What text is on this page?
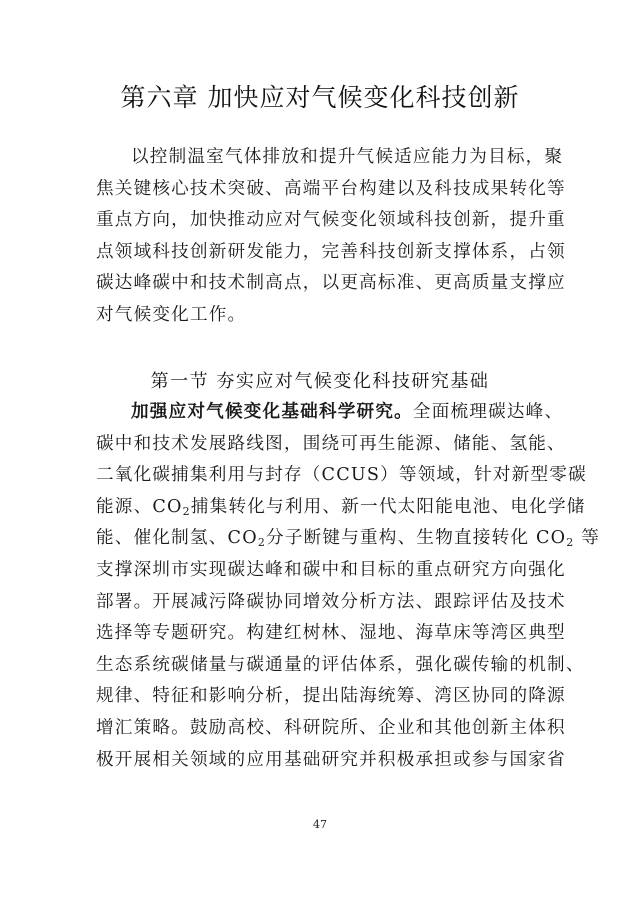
第六章 加快应对气候变化科技创新
以控制温室气体排放和提升气候适应能力为目标，聚
焦关键核心技术突破、高端平台构建以及科技成果转化等
重点方向，加快推动应对气候变化领域科技创新，提升重
点领域科技创新研发能力，完善科技创新支撑体系，占领
碳达峰碳中和技术制高点，以更高标准、更高质量支撑应
对气候变化工作。
第一节 夯实应对气候变化科技研究基础
加强应对气候变化基础科学研究。全面梳理碳达峰、
碳中和技术发展路线图，围绕可再生能源、储能、氢能、
二氧化碳捕集利用与封存（CCUS）等领域，针对新型零碳
能源、$CO_2$捕集转化与利用、新一代太阳能电池、电化学储
能、催化制氢、$CO_2$分子断键与重构、生物直接转化 $CO_2$ 等
支撑深圳市实现碳达峰和碳中和目标的重点研究方向强化
部署。开展减污降碳协同增效分析方法、跟踪评估及技术
选择等专题研究。构建红树林、湿地、海草床等湾区典型
生态系统碳储量与碳通量的评估体系，强化碳传输的机制、
规律、特征和影响分析，提出陆海统筹、湾区协同的降源
增汇策略。鼓励高校、科研院所、企业和其他创新主体积
极开展相关领域的应用基础研究并积极承担或参与国家省
47
